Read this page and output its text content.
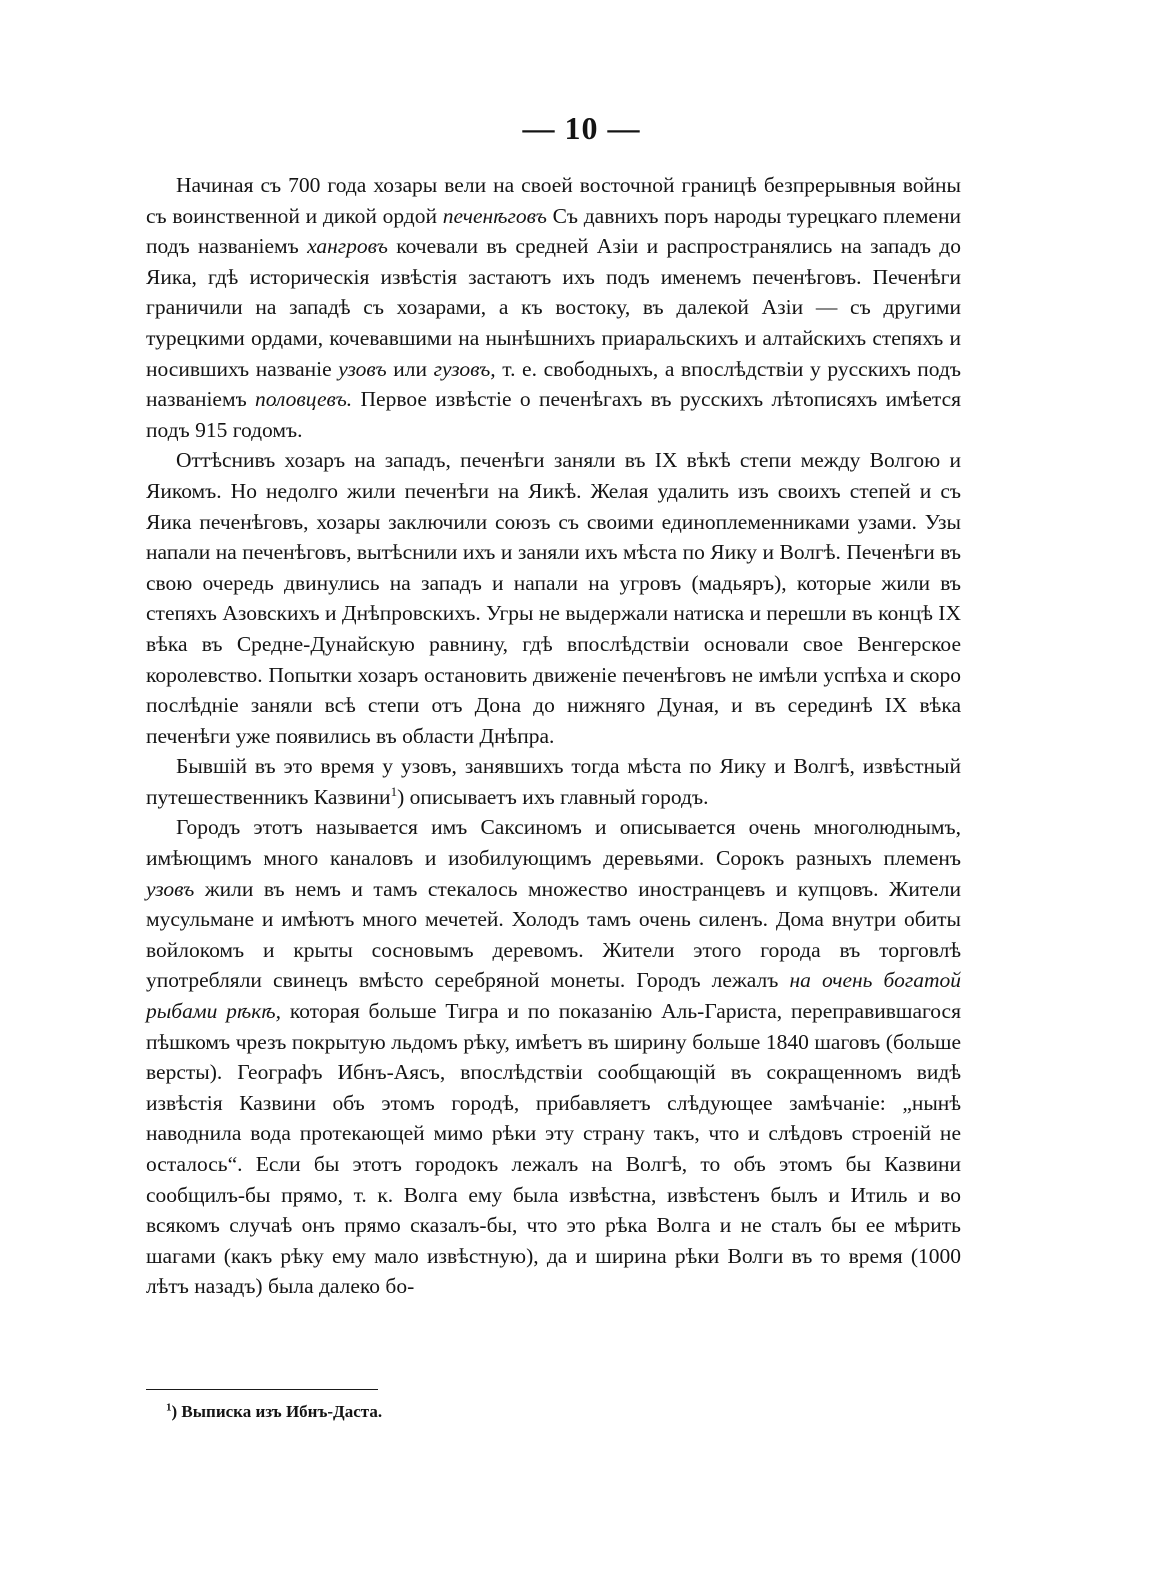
— 10 —

Начиная съ 700 года хозары вели на своей восточной границѣ безпрерывныя войны съ воинственной и дикой ордой печенѣговъ Съ давнихъ поръ народы турецкаго племени подъ названіемъ хангровъ кочевали въ средней Азіи и распространялись на западъ до Яика, гдѣ историческія извѣстія застаютъ ихъ подъ именемъ печенѣговъ. Печенѣги граничили на западѣ съ хозарами, а къ востоку, въ далекой Азіи — съ другими турецкими ордами, кочевавшими на нынѣшнихъ приаральскихъ и алтайскихъ степяхъ и носившихъ названіе узовъ или гузовъ, т. е. свободныхъ, а впослѣдствіи у русскихъ подъ названіемъ половцевъ. Первое извѣстіе о печенѣгахъ въ русскихъ лѣтописяхъ имѣется подъ 915 годомъ.

Оттѣснивъ хозаръ на западъ, печенѣги заняли въ IX вѣкѣ степи между Волгою и Яикомъ. Но недолго жили печенѣги на Яикѣ. Желая удалить изъ своихъ степей и съ Яика печенѣговъ, хозары заключили союзъ съ своими единоплеменниками узами. Узы напали на печенѣговъ, вытѣснили ихъ и заняли ихъ мѣста по Яику и Волгѣ. Печенѣги въ свою очередь двинулись на западъ и напали на угровъ (мадьяръ), которые жили въ степяхъ Азовскихъ и Днѣпровскихъ. Угры не выдержали натиска и перешли въ концѣ IX вѣка въ Средне-Дунайскую равнину, гдѣ впослѣдствіи основали свое Венгерское королевство. Попытки хозаръ остановить движеніе печенѣговъ не имѣли успѣха и скоро послѣдніе заняли всѣ степи отъ Дона до нижняго Дуная, и въ серединѣ IX вѣка печенѣги уже появились въ области Днѣпра.

Бывшій въ это время у узовъ, занявшихъ тогда мѣста по Яику и Волгѣ, извѣстный путешественникъ Казвини$^1$) описываетъ ихъ главный городъ.

Городъ этотъ называется имъ Саксиномъ и описывается очень многолюднымъ, имѣющимъ много каналовъ и изобилующимъ деревьями. Сорокъ разныхъ племенъ узовъ жили въ немъ и тамъ стекалось множество иностранцевъ и купцовъ. Жители мусульмане и имѣютъ много мечетей. Холодъ тамъ очень силенъ. Дома внутри обиты войлокомъ и крыты сосновымъ деревомъ. Жители этого города въ торговлѣ употребляли свинецъ вмѣсто серебряной монеты. Городъ лежалъ на очень богатой рыбами рѣкѣ, которая больше Тигра и по показанію Аль-Гариста, переправившагося пѣшкомъ чрезъ покрытую льдомъ рѣку, имѣетъ въ ширину больше 1840 шаговъ (больше версты). Географъ Ибнъ-Аясъ, впослѣдствіи сообщающій въ сокращенномъ видѣ извѣстія Казвини объ этомъ городѣ, прибавляетъ слѣдующее замѣчаніе: „нынѣ наводнила вода протекающей мимо рѣки эту страну такъ, что и слѣдовъ строеній не осталось“. Если бы этотъ городокъ лежалъ на Волгѣ, то объ этомъ бы Казвини сообщилъ-бы прямо, т. к. Волга ему была извѣстна, извѣстенъ былъ и Итиль и во всякомъ случаѣ онъ прямо сказалъ-бы, что это рѣка Волга и не сталъ бы ее мѣрить шагами (какъ рѣку ему мало извѣстную), да и ширина рѣки Волги въ то время (1000 лѣтъ назадъ) была далеко бо-

$^1$) Выписка изъ Ибнъ-Даста.
